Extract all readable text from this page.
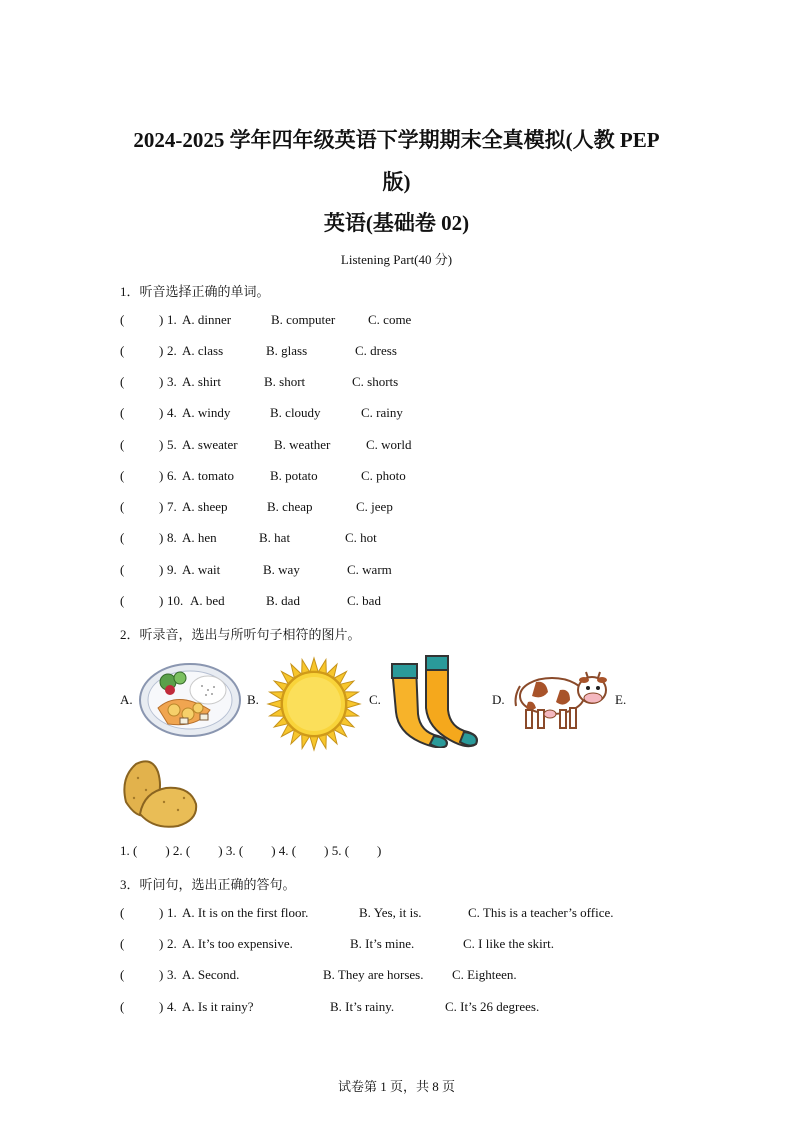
2024-2025 学年四年级英语下学期期末全真模拟(人教 PEP
版)
英语(基础卷 02)
Listening Part(40 分)
1．听音选择正确的单词。
(	) 1. A. dinner	B. computer	C. come
(	) 2. A. class	B. glass	C. dress
(	) 3. A. shirt	B. short	C. shorts
(	) 4. A. windy	B. cloudy	C. rainy
(	) 5. A. sweater	B. weather	C. world
(	) 6. A. tomato	B. potato	C. photo
(	) 7. A. sheep	B. cheap	C. jeep
(	) 8. A. hen	B. hat	C. hot
(	) 9. A. wait	B. way	C. warm
(	) 10. A. bed	B. dad	C. bad
2．听录音，选出与所听句子相符的图片。
A.	B.	C.	D.	E.
1. ( ) 2. ( ) 3. ( ) 4. ( ) 5. ( )
3．听问句，选出正确的答句。
(	) 1. A. It is on the first floor.	B. Yes, it is.	C. This is a teacher’s office.
(	) 2. A. It’s too expensive.	B. It’s mine.	C. I like the skirt.
(	) 3. A. Second.	B. They are horses. C. Eighteen.
(	) 4. A. Is it rainy?	B. It’s rainy.	C. It’s 26 degrees.
试卷第 1 页，共 8 页
